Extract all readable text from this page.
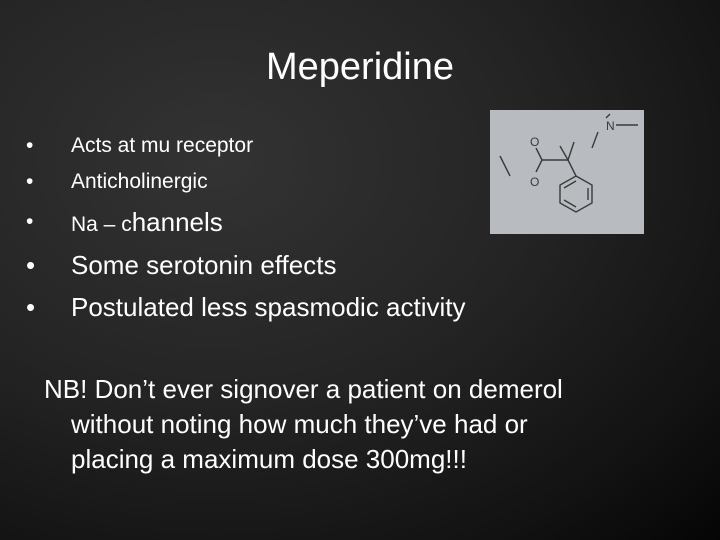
Meperidine
• Acts at mu receptor
• Anticholinergic
• Na – channels
• Some serotonin effects
• Postulated less spasmodic activity
O
O
N
NB! Don’t ever signover a patient on demerol
without noting how much they’ve had or
placing a maximum dose 300mg!!!
